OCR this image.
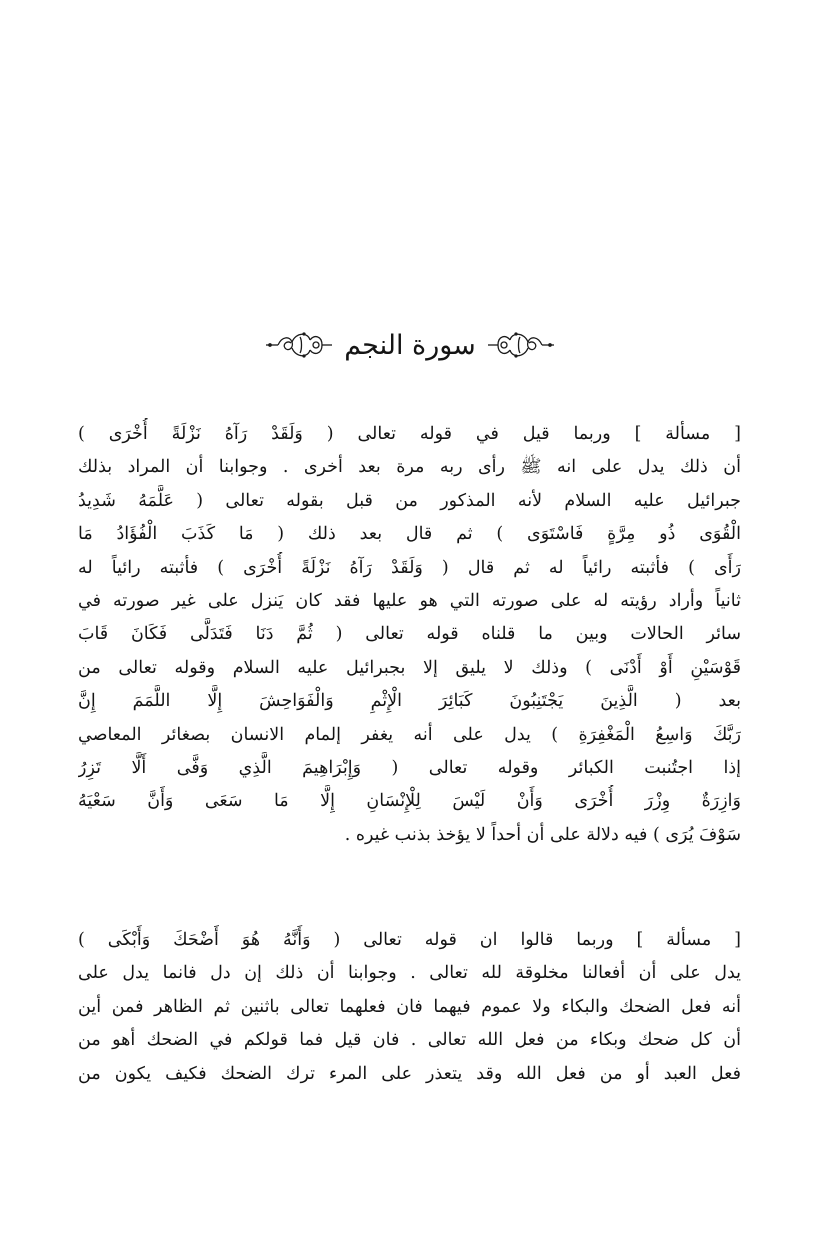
سورة النجم
[ مسألة ] وربما قيل في قوله تعالى ( وَلَقَدْ رَآهُ نَزْلَةً أُخْرَى )
أن ذلك يدل على انه ﷺ رأى ربه مرة بعد أخرى . وجوابنا أن المراد بذلك
جبرائيل عليه السلام لأنه المذكور من قبل بقوله تعالى ( عَلَّمَهُ شَدِيدُ
الْقُوَى ذُو مِرَّةٍ فَاسْتَوَى ) ثم قال بعد ذلك ( مَا كَذَبَ الْفُؤَادُ مَا
رَأَى ) فأثبته رائياً له ثم قال ( وَلَقَدْ رَآهُ نَزْلَةً أُخْرَى ) فأثبته رائياً له
ثانياً وأراد رؤيته له على صورته التي هو عليها فقد كان يَنزل على غير صورته في
سائر الحالات وبين ما قلناه قوله تعالى ( ثُمَّ دَنَا فَتَدَلَّى فَكَانَ قَابَ
قَوْسَيْنِ أَوْ أَدْنَى ) وذلك لا يليق إلا بجبرائيل عليه السلام وقوله تعالى من
بعد ( الَّذِينَ يَجْتَنِبُونَ كَبَائِرَ الْإِثْمِ وَالْفَوَاحِشَ إِلَّا اللَّمَمَ إِنَّ
رَبَّكَ وَاسِعُ الْمَغْفِرَةِ ) يدل على أنه يغفر إلمام الانسان بصغائر المعاصي
إذا اجتُنبت الكبائر وقوله تعالى ( وَإِبْرَاهِيمَ الَّذِي وَفَّى أَلَّا تَزِرُ
وَازِرَةٌ وِزْرَ أُخْرَى وَأَنْ لَيْسَ لِلْإِنْسَانِ إِلَّا مَا سَعَى وَأَنَّ سَعْيَهُ
سَوْفَ يُرَى ) فيه دلالة على أن أحداً لا يؤخذ بذنب غيره .
[ مسألة ] وربما قالوا ان قوله تعالى ( وَأَنَّهُ هُوَ أَضْحَكَ وَأَبْكَى )
يدل على أن أفعالنا مخلوقة لله تعالى . وجوابنا أن ذلك إن دل فانما يدل على
أنه فعل الضحك والبكاء ولا عموم فيهما فان فعلهما تعالى باثنين ثم الظاهر فمن أين
أن كل ضحك وبكاء من فعل الله تعالى . فان قيل فما قولكم في الضحك أهو من
فعل العبد أو من فعل الله وقد يتعذر على المرء ترك الضحك فكيف يكون من
